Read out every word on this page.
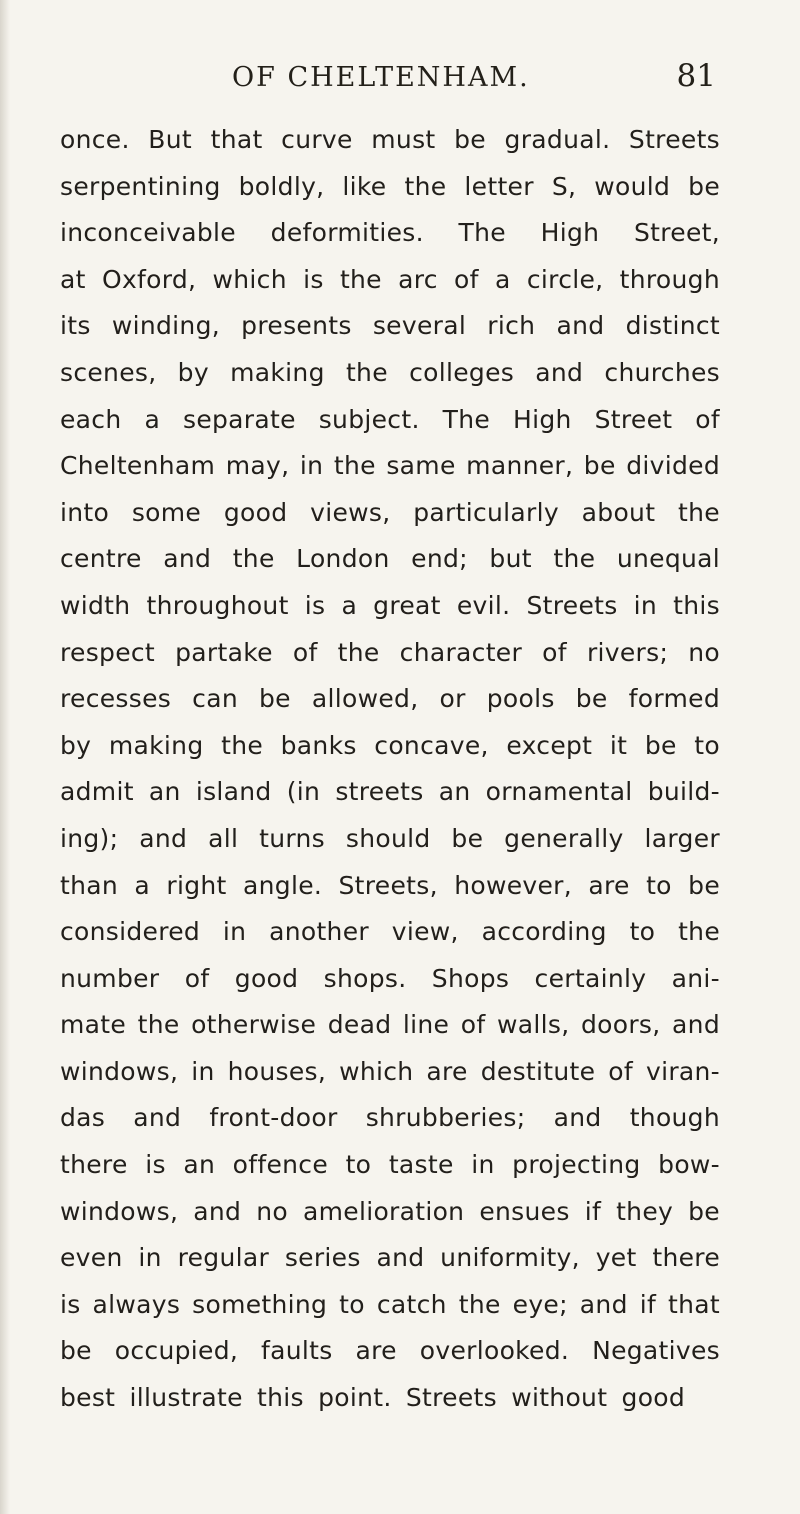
OF CHELTENHAM.	81
once. But that curve must be gradual. Streets
serpentining boldly, like the letter S, would be
inconceivable deformities. The High Street,
at Oxford, which is the arc of a circle, through
its winding, presents several rich and distinct
scenes, by making the colleges and churches
each a separate subject. The High Street of
Cheltenham may, in the same manner, be divided
into some good views, particularly about the
centre and the London end; but the unequal
width throughout is a great evil. Streets in this
respect partake of the character of rivers; no
recesses can be allowed, or pools be formed
by making the banks concave, except it be to
admit an island (in streets an ornamental build-
ing); and all turns should be generally larger
than a right angle. Streets, however, are to be
considered in another view, according to the
number of good shops. Shops certainly ani-
mate the otherwise dead line of walls, doors, and
windows, in houses, which are destitute of viran-
das and front-door shrubberies; and though
there is an offence to taste in projecting bow-
windows, and no amelioration ensues if they be
even in regular series and uniformity, yet there
is always something to catch the eye; and if that
be occupied, faults are overlooked. Negatives
best illustrate this point. Streets without good
